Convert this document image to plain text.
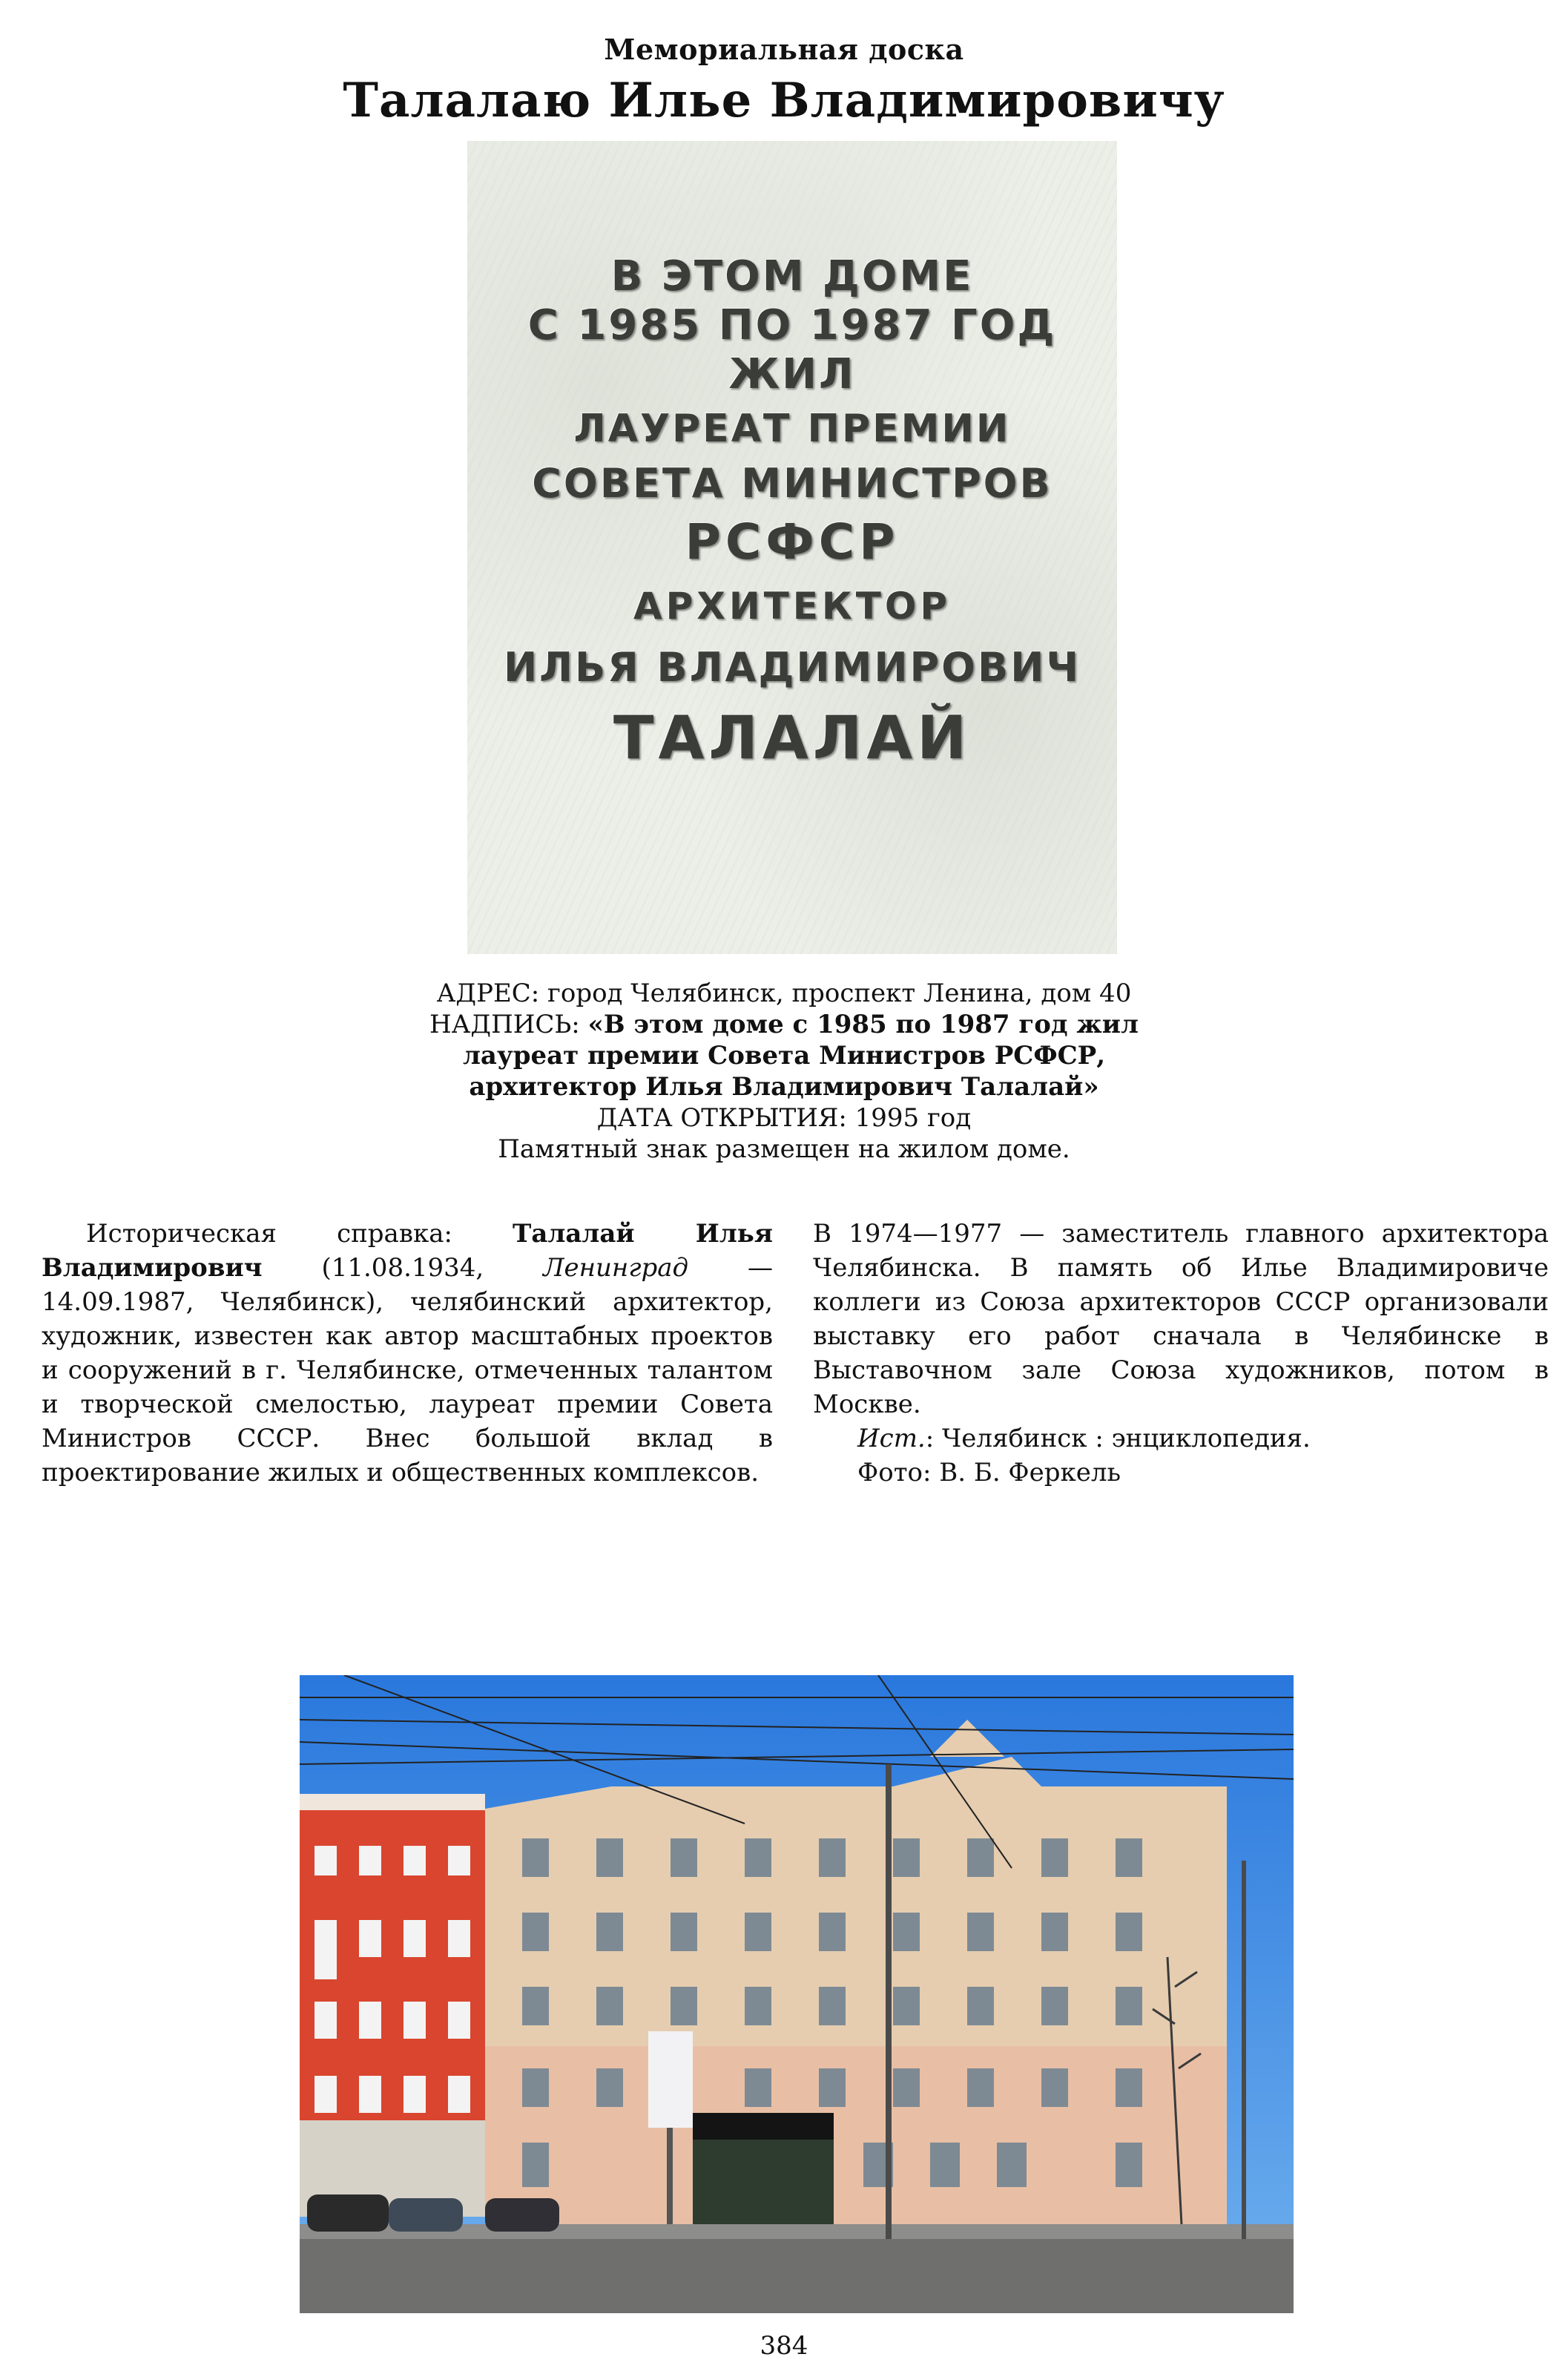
Мемориальная доска
Талалаю Илье Владимировичу
В ЭТОМ ДОМЕ
С 1985 ПО 1987 ГОД
ЖИЛ
ЛАУРЕАТ ПРЕМИИ
СОВЕТА МИНИСТРОВ
РСФСР
АРХИТЕКТОР
ИЛЬЯ ВЛАДИМИРОВИЧ
ТАЛАЛАЙ
АДРЕС: город Челябинск, проспект Ленина, дом 40
НАДПИСЬ: «В этом доме с 1985 по 1987 год жил
лауреат премии Совета Министров РСФСР,
архитектор Илья Владимирович Талалай»
ДАТА ОТКРЫТИЯ: 1995 год
Памятный знак размещен на жилом доме.

Историческая справка: Талалай Илья Владимирович (11.08.1934, Ленинград — 14.09.1987, Челябинск), челябинский архитектор, художник, известен как автор масштабных проектов и сооружений в г. Челябинске, отмеченных талантом и творческой смелостью, лауреат премии Совета Министров СССР. Внес большой вклад в проектирование жилых и общественных комплексов.

В 1974—1977 — заместитель главного архитектора Челябинска. В память об Илье Владимировиче коллеги из Союза архитекторов СССР организовали выставку его работ сначала в Челябинске в Выставочном зале Союза художников, потом в Москве.

Ист.: Челябинск : энциклопедия.

Фото: В. Б. Феркель

384
